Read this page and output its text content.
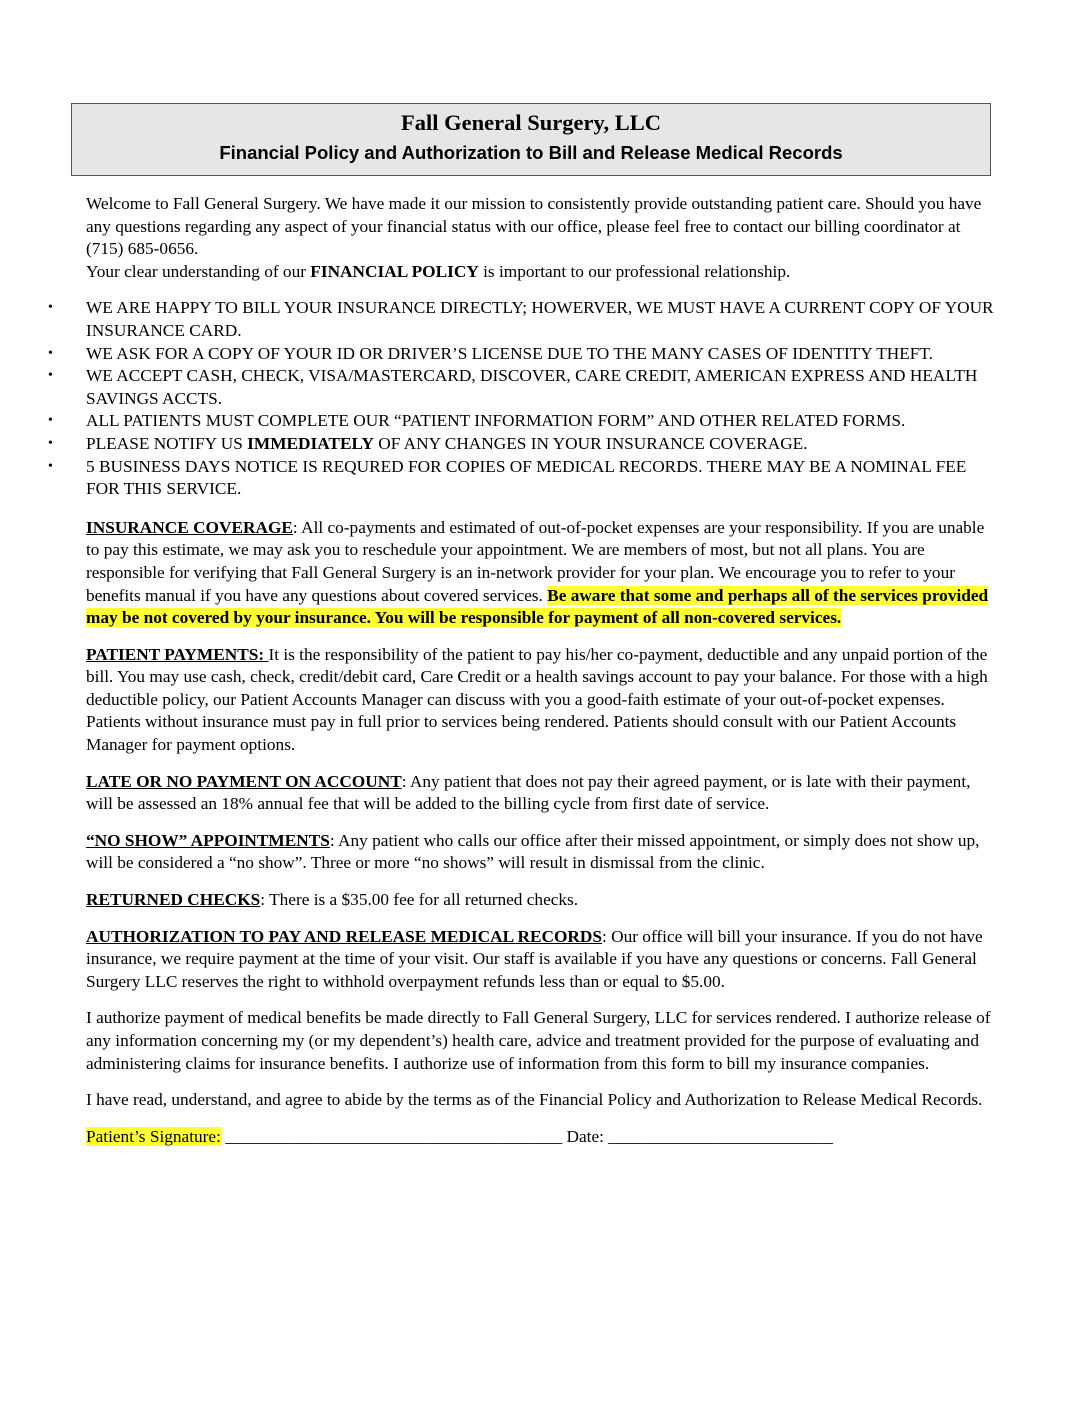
Fall General Surgery, LLC
Financial Policy and Authorization to Bill and Release Medical Records

Welcome to Fall General Surgery. We have made it our mission to consistently provide outstanding patient care. Should you have any questions regarding any aspect of your financial status with our office, please feel free to contact our billing coordinator at (715) 685-0656.

Your clear understanding of our FINANCIAL POLICY is important to our professional relationship.

• WE ARE HAPPY TO BILL YOUR INSURANCE DIRECTLY; HOWERVER, WE MUST HAVE A CURRENT COPY OF YOUR INSURANCE CARD.
• WE ASK FOR A COPY OF YOUR ID OR DRIVER’S LICENSE DUE TO THE MANY CASES OF IDENTITY THEFT.
• WE ACCEPT CASH, CHECK, VISA/MASTERCARD, DISCOVER, CARE CREDIT, AMERICAN EXPRESS AND HEALTH SAVINGS ACCTS.
• ALL PATIENTS MUST COMPLETE OUR “PATIENT INFORMATION FORM” AND OTHER RELATED FORMS.
• PLEASE NOTIFY US IMMEDIATELY OF ANY CHANGES IN YOUR INSURANCE COVERAGE.
• 5 BUSINESS DAYS NOTICE IS REQURED FOR COPIES OF MEDICAL RECORDS. THERE MAY BE A NOMINAL FEE FOR THIS SERVICE.

INSURANCE COVERAGE: All co-payments and estimated of out-of-pocket expenses are your responsibility. If you are unable to pay this estimate, we may ask you to reschedule your appointment. We are members of most, but not all plans. You are responsible for verifying that Fall General Surgery is an in-network provider for your plan. We encourage you to refer to your benefits manual if you have any questions about covered services. Be aware that some and perhaps all of the services provided may be not covered by your insurance. You will be responsible for payment of all non-covered services.

PATIENT PAYMENTS: It is the responsibility of the patient to pay his/her co-payment, deductible and any unpaid portion of the bill. You may use cash, check, credit/debit card, Care Credit or a health savings account to pay your balance. For those with a high deductible policy, our Patient Accounts Manager can discuss with you a good-faith estimate of your out-of-pocket expenses. Patients without insurance must pay in full prior to services being rendered. Patients should consult with our Patient Accounts Manager for payment options.

LATE OR NO PAYMENT ON ACCOUNT: Any patient that does not pay their agreed payment, or is late with their payment, will be assessed an 18% annual fee that will be added to the billing cycle from first date of service.

“NO SHOW” APPOINTMENTS: Any patient who calls our office after their missed appointment, or simply does not show up, will be considered a “no show”. Three or more “no shows” will result in dismissal from the clinic.

RETURNED CHECKS: There is a $35.00 fee for all returned checks.

AUTHORIZATION TO PAY AND RELEASE MEDICAL RECORDS: Our office will bill your insurance. If you do not have insurance, we require payment at the time of your visit. Our staff is available if you have any questions or concerns. Fall General Surgery LLC reserves the right to withhold overpayment refunds less than or equal to $5.00.

I authorize payment of medical benefits be made directly to Fall General Surgery, LLC for services rendered. I authorize release of any information concerning my (or my dependent’s) health care, advice and treatment provided for the purpose of evaluating and administering claims for insurance benefits. I authorize use of information from this form to bill my insurance companies.

I have read, understand, and agree to abide by the terms as of the Financial Policy and Authorization to Release Medical Records.

Patient’s Signature: _______________________________________ Date: __________________________
